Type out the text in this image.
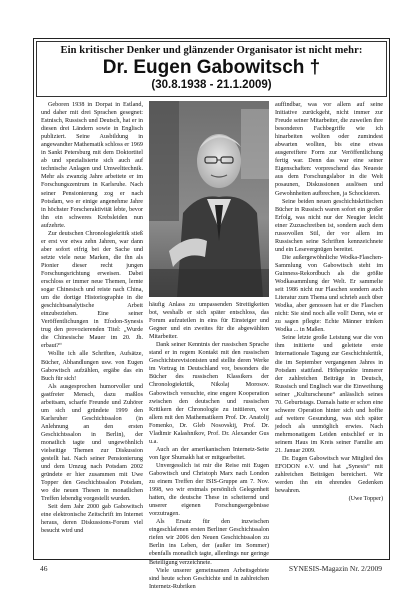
Ein kritischer Denker und glänzender Organisator ist nicht mehr:
Dr. Eugen Gabowitsch †
(30.8.1938 - 21.1.2009)

Geboren 1938 in Dorpat in Estland, und daher mit drei Sprachen gesegnet: Estnisch, Russisch und Deutsch, hat er in diesen drei Ländern sowie in Englisch publiziert. Seine Ausbildung in angewandter Mathematik schloss er 1969 in Sankt Petersburg mit dem Doktortitel ab und spezialisierte sich auch auf technische Anlagen und Umwelttechnik. Mehr als zwanzig Jahre arbeitete er im Forschungszentrum in Karlsruhe. Nach seiner Pensionierung zog er nach Potsdam, wo er einige angenehme Jahre in höchster Forscheraktivität lebte, bevor ihn ein schweres Krebsleiden nun aufzehrte.

Zur deutschen Chronologiekritik stieß er erst vor etwa zehn Jahren, war dann aber sofort eifrig bei der Sache und setzte viele neue Marken, die ihn als Pionier dieser recht jungen Forschungsrichtung erweisen. Dabei erschloss er immer neue Themen, lernte sogar Chinesisch und reiste nach China, um die dortige Historiographie in die geschichtsanalytische Arbeit einzubeziehen. Eine seiner Veröffentlichungen in Efodon-Synesis trug den provozierenden Titel: „Wurde die Chinesische Mauer im 20. Jh. erbaut?“

Wollte ich alle Schriften, Aufsätze, Bücher, Abhandlungen usw. von Eugen Gabowitsch aufzählen, ergäbe das ein Buch für sich!

Als ausgesprochen humorvoller und gastfreier Mensch, dazu maßlos arbeitsam, scharfe Freunde und Zuhörer um sich und gründete 1999 den Karlsruher Geschichtssalon (in Anlehnung an den ersten Geschichtssalon in Berlin), der monatlich tagte und ungewöhnlich vielseitige Themen zur Diskussion gestellt hat. Nach seiner Pensionierung und dem Umzug nach Potsdam 2002 gründete er hier zusammen mit Uwe Topper den Geschichtssalon Potsdam, wo die neuen Thesen in monatlichen Treffen lebendig vorgestellt wurden.

Seit dem Jahr 2000 gab Gabowitsch eine elektronische Zeitschrift im Internet heraus, deren Diskussions-Forum viel besucht wird und

häufig Anlass zu umpassenden Streitigkeiten bot, weshalb er sich später entschloss, das Forum aufzuteilen in eins für Einsteiger und Gegner und ein zweites für die abgewählten Mitarbeiter.

Dank seiner Kenntnis der russischen Sprache stand er in regem Kontakt mit den russischen Geschichtsrevisionisten und stellte deren Werke im Vortrag in Deutschland vor, besonders die Bücher des russischen Klassikers der Chronologiekritik, Nikolaj Morosov. Gabowitsch versuchte, eine engere Kooperation zwischen den deutschen und russischen Kritikern der Chronologie zu initiieren, vor allem mit den Mathematikern Prof. Dr. Anatolij Fomenko, Dr. Gleb Nosovskij, Prof. Dr. Vladimir Kalashnikov, Prof. Dr. Alexander Gus u.a.

Auch an der amerikanischen Internetz-Seite von Igor Shumakh hat er mitgearbeitet.

Unvergesslich ist mir die Reise mit Eugen Gabowitsch und Christoph Marx nach London zu einem Treffen der ISIS-Gruppe am 7. Nov. 1998, wo wir erstmals persönlich Gelegenheit hatten, die deutsche These in scheiternd und unserer eigenen Forschungsergebnisse vorzutragen.

Als Ersatz für den inzwischen eingeschlafenen ersten Berliner Geschichtssalon riefen wir 2006 den Neuen Geschichtssalon zu Berlin ins Leben, der (außer im Sommer) ebenfalls monatlich tagte, allerdings nur geringe Beteiligung verzeichnete.

Viele unserer gemeinsamen Arbeitsgebiete sind heute schon Geschichte und in zahlreichen Internetz-Rubriken

auffindbar, was vor allem auf seine Initiative zurückgeht, nicht immer zur Freude seiner Mitarbeiter, die zuweilen ihre besonderen Fachbegriffe wie ich hinarbeiten wollten oder zumindest abwarten wollten, bis eine etwas ausgereiftere Form zur Veröffentlichung fertig war. Denn das war eine seiner Eigenschaften: vorpreschend das Neueste aus dem Forschungslabor in die Welt posaunen, Diskussionen auslösen und Gewohnheiten aufbrechen, ja Schockieren.

Seine beiden neuen geschichtskritischen Bücher in Russisch waren sofort ein großer Erfolg, was nicht nur der Neugier leicht einer Zuzuschreiben ist, sondern auch dem russovollen Stil, der vor allem im Russischen seine Schriften kennzeichnete und ein Lesevergnügen bereitet.

Die außergewöhnliche Wodka-Flaschen-Sammlung von Gabowitsch steht im Guinness-Rekordbuch als die größte Wodkasammlung der Welt. Er sammelte seit 1986 nicht nur Flaschen sondern auch Literatur zum Thema und schrieb auch über Wodka, aber genossen hat er die Flaschen nicht: Sie sind noch alle voll! Denn, wie er zu sagen pflegte: Echte Männer trinken Wodka ... in Maßen.

Seine letzte große Leistung war die von ihm initiierte und geleitete erste Internationale Tagung zur Geschichtskritik, die im September vergangenen Jahres in Potsdam stattfand. Höhepunkte immerer der zahlreichen Beiträge in Deutsch, Russisch und Englisch war die Einweihung seiner „Kulturscheune“ anlässlich seines 70. Geburtstags. Damals hatte er schon eine schwere Operation hinter sich und hoffte auf weitere Gesundung, was sich später jedoch als unmöglich erwies. Nach mehrmonatigem Leiden entschlief er in seinem Haus im Kreis seiner Familie am 21. Januar 2009.

Dr. Eugen Gabowitsch war Mitglied des EFODON e.V. und hat „Synesis“ mit zahlreichen Beiträgen bereichert. Wir werden ihn ein ehrendes Gedenken bewahren.

(Uwe Topper)

46	SYNESIS-Magazin Nr. 2/2009
